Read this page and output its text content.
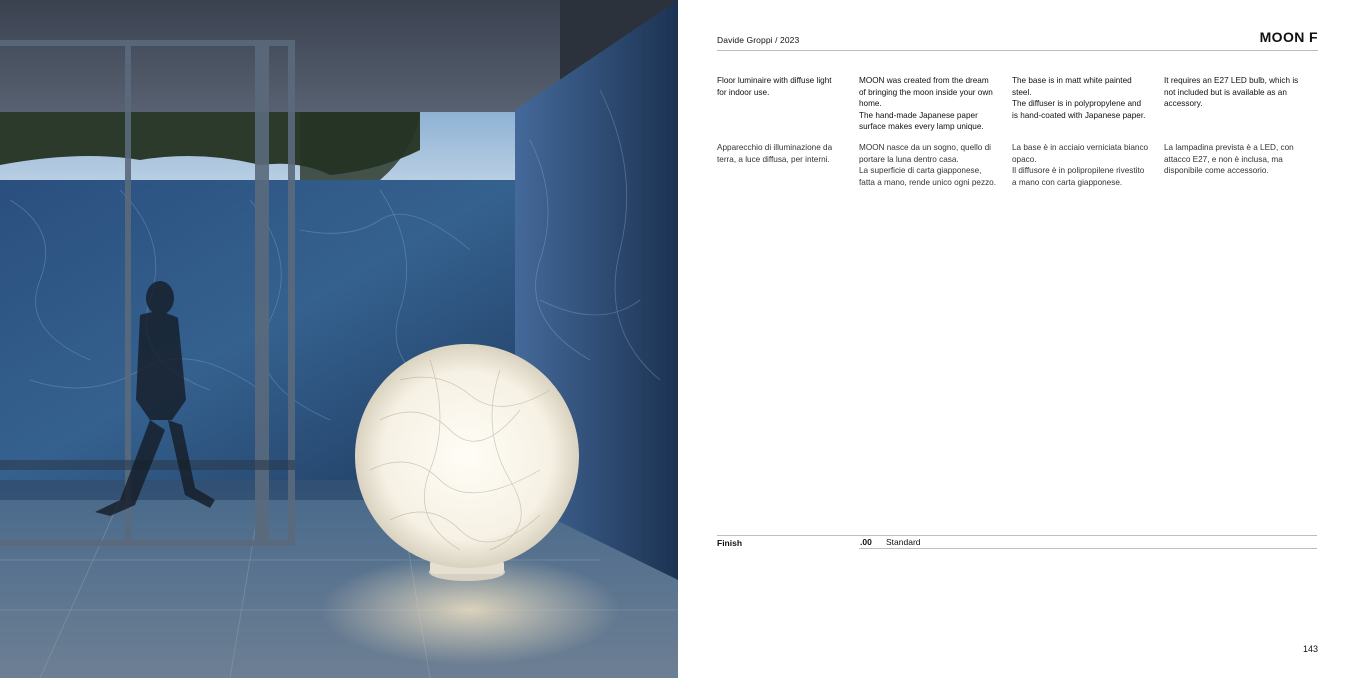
Davide Groppi / 2023	MOON F

Floor luminaire with diffuse light
for indoor use.

Apparecchio di illuminazione da
terra, a luce diffusa, per interni.

MOON was created from the dream
of bringing the moon inside your own
home.
The hand-made Japanese paper
surface makes every lamp unique.

MOON nasce da un sogno, quello di
portare la luna dentro casa.
La superficie di carta giapponese,
fatta a mano, rende unico ogni pezzo.

The base is in matt white painted
steel.
The diffuser is in polypropylene and
is hand-coated with Japanese paper.

La base è in acciaio verniciata bianco
opaco.
Il diffusore è in polipropilene rivestito
a mano con carta giapponese.

It requires an E27 LED bulb, which is
not included but is available as an
accessory.

La lampadina prevista è a LED, con
attacco E27, e non è inclusa, ma
disponibile come accessorio.

Finish	.00 Standard
143
